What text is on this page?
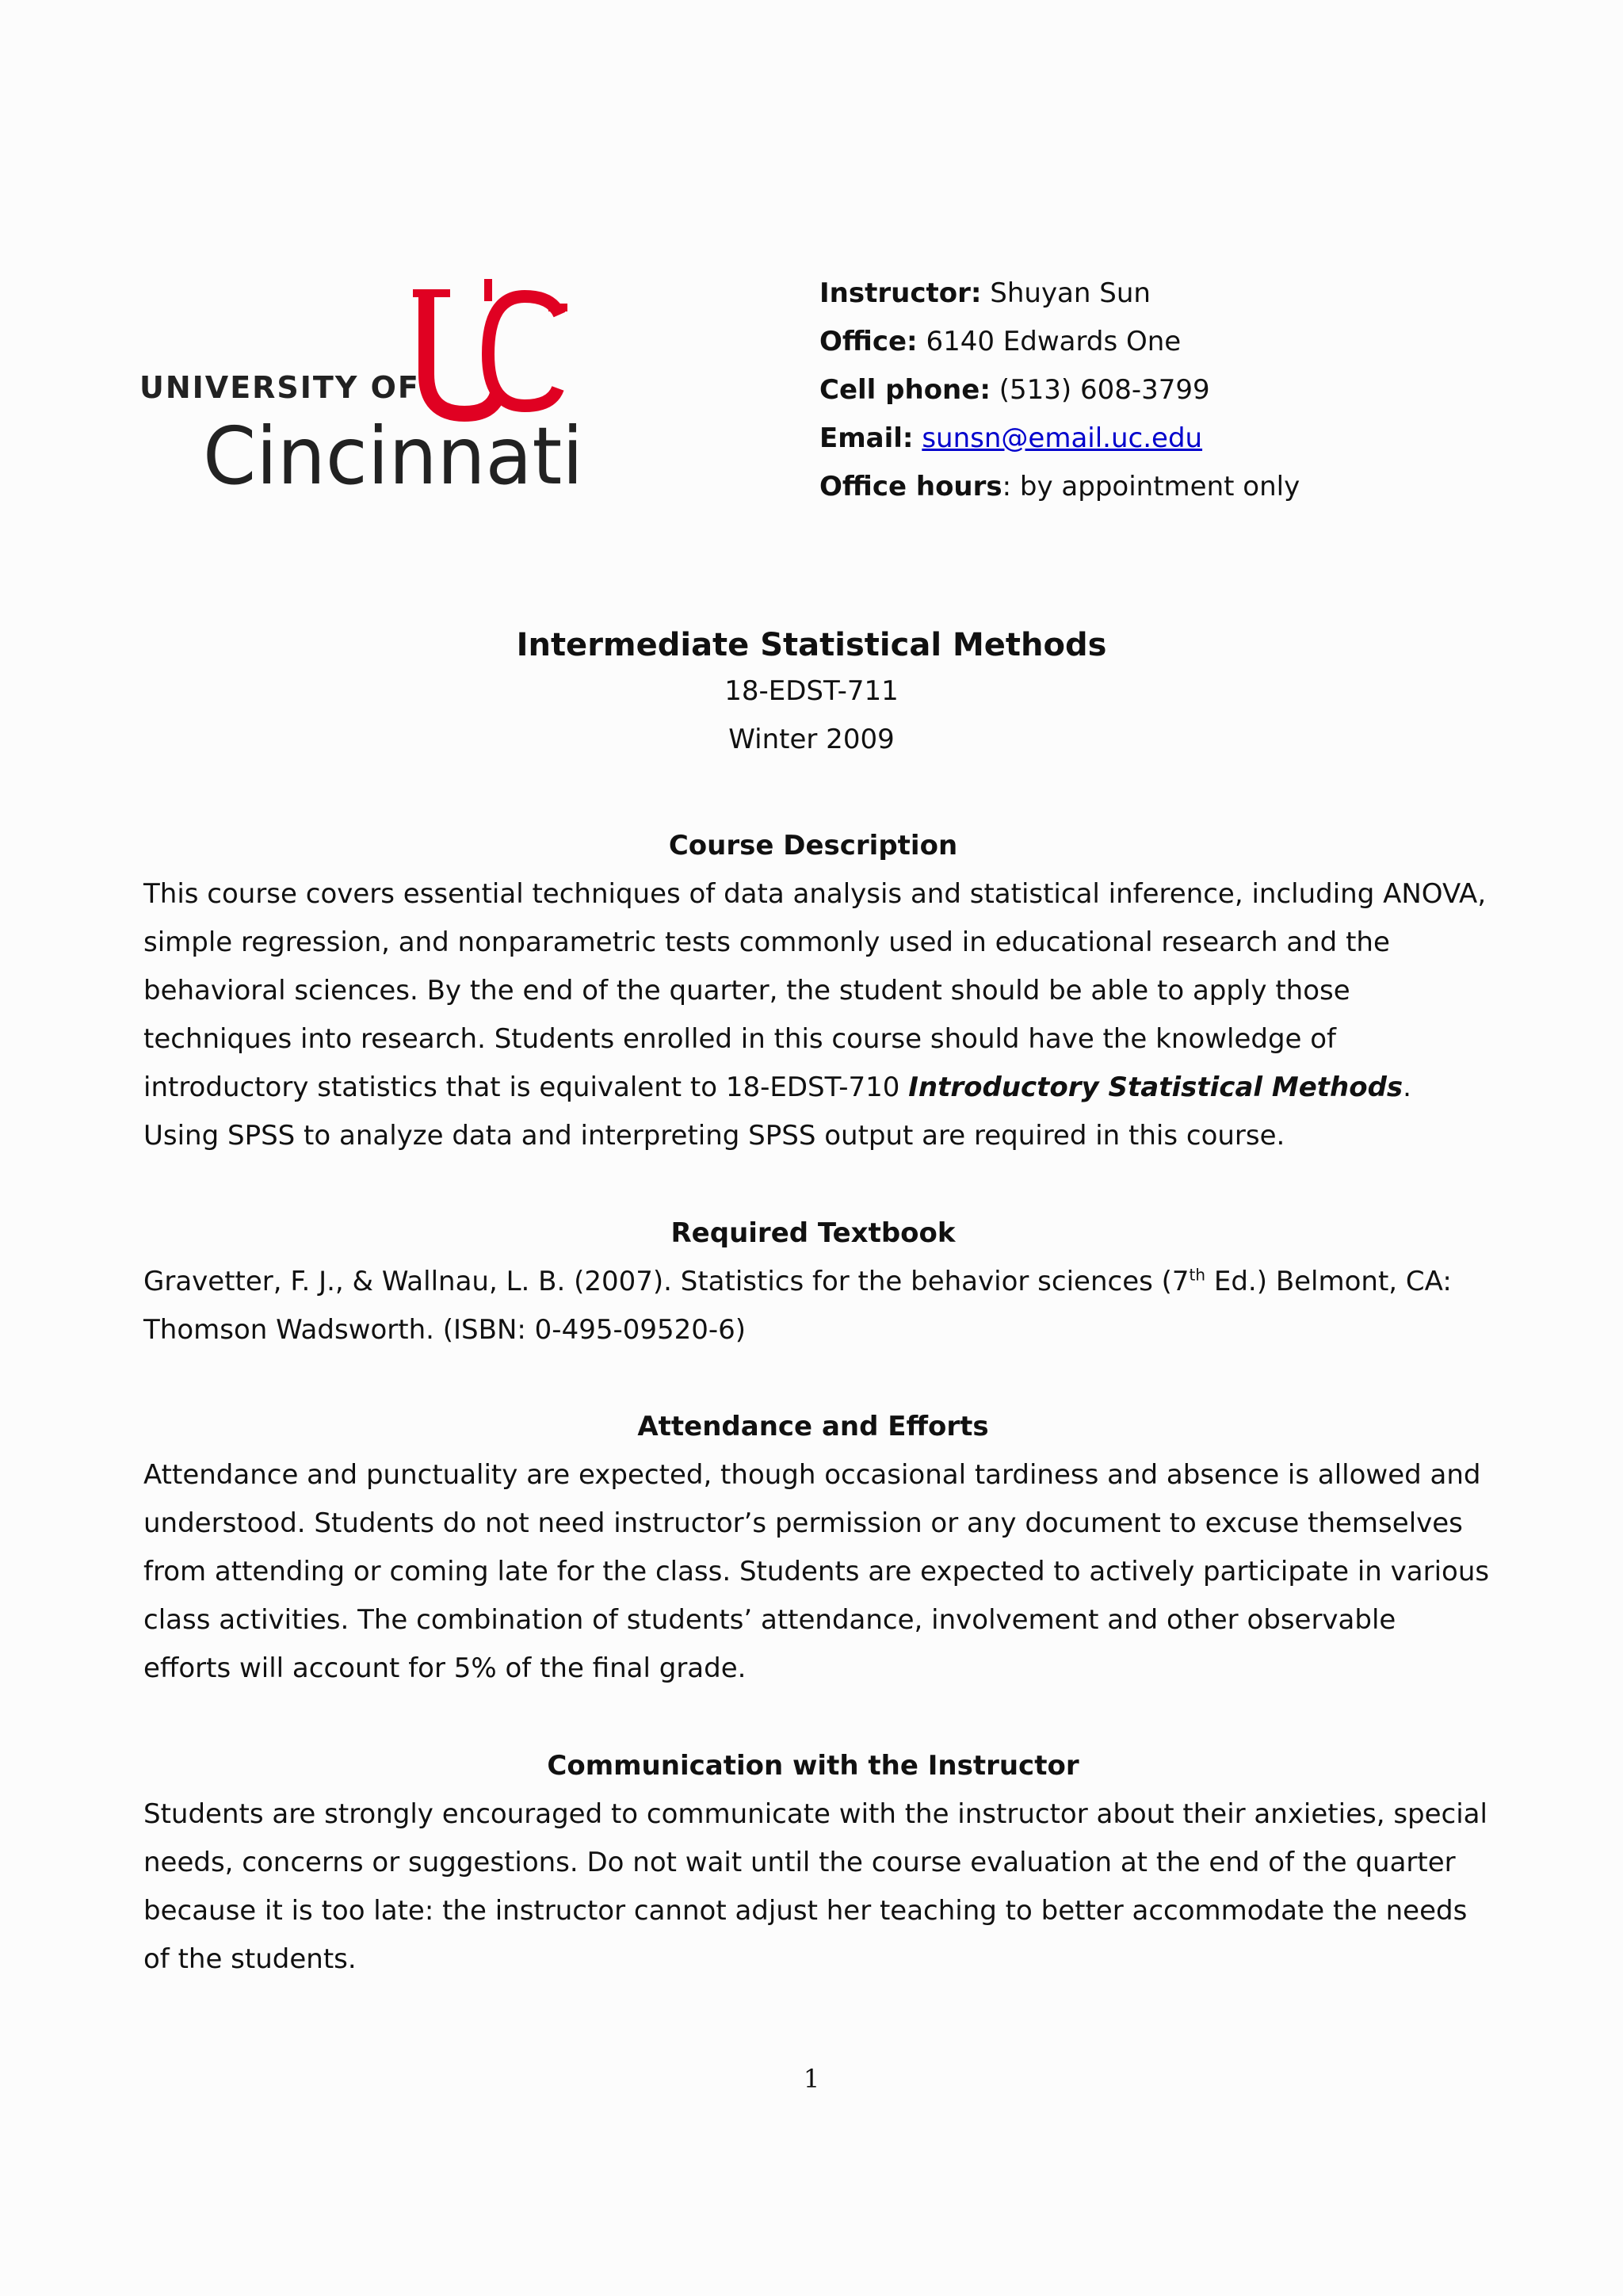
UNIVERSITY OF
Cincinnati
Instructor: Shuyan Sun
Office: 6140 Edwards One
Cell phone: (513) 608-3799
Email: sunsn@email.uc.edu
Office hours: by appointment only
Intermediate Statistical Methods
18-EDST-711
Winter 2009
Course Description

This course covers essential techniques of data analysis and statistical inference, including ANOVA, simple regression, and nonparametric tests commonly used in educational research and the behavioral sciences. By the end of the quarter, the student should be able to apply those techniques into research. Students enrolled in this course should have the knowledge of introductory statistics that is equivalent to 18-EDST-710 Introductory Statistical Methods. Using SPSS to analyze data and interpreting SPSS output are required in this course.

Required Textbook

Gravetter, F. J., & Wallnau, L. B. (2007). Statistics for the behavior sciences (7th Ed.) Belmont, CA: Thomson Wadsworth. (ISBN: 0-495-09520-6)

Attendance and Efforts

Attendance and punctuality are expected, though occasional tardiness and absence is allowed and understood. Students do not need instructor’s permission or any document to excuse themselves from attending or coming late for the class. Students are expected to actively participate in various class activities. The combination of students’ attendance, involvement and other observable efforts will account for 5% of the final grade.

Communication with the Instructor

Students are strongly encouraged to communicate with the instructor about their anxieties, special needs, concerns or suggestions. Do not wait until the course evaluation at the end of the quarter because it is too late: the instructor cannot adjust her teaching to better accommodate the needs of the students.

1
